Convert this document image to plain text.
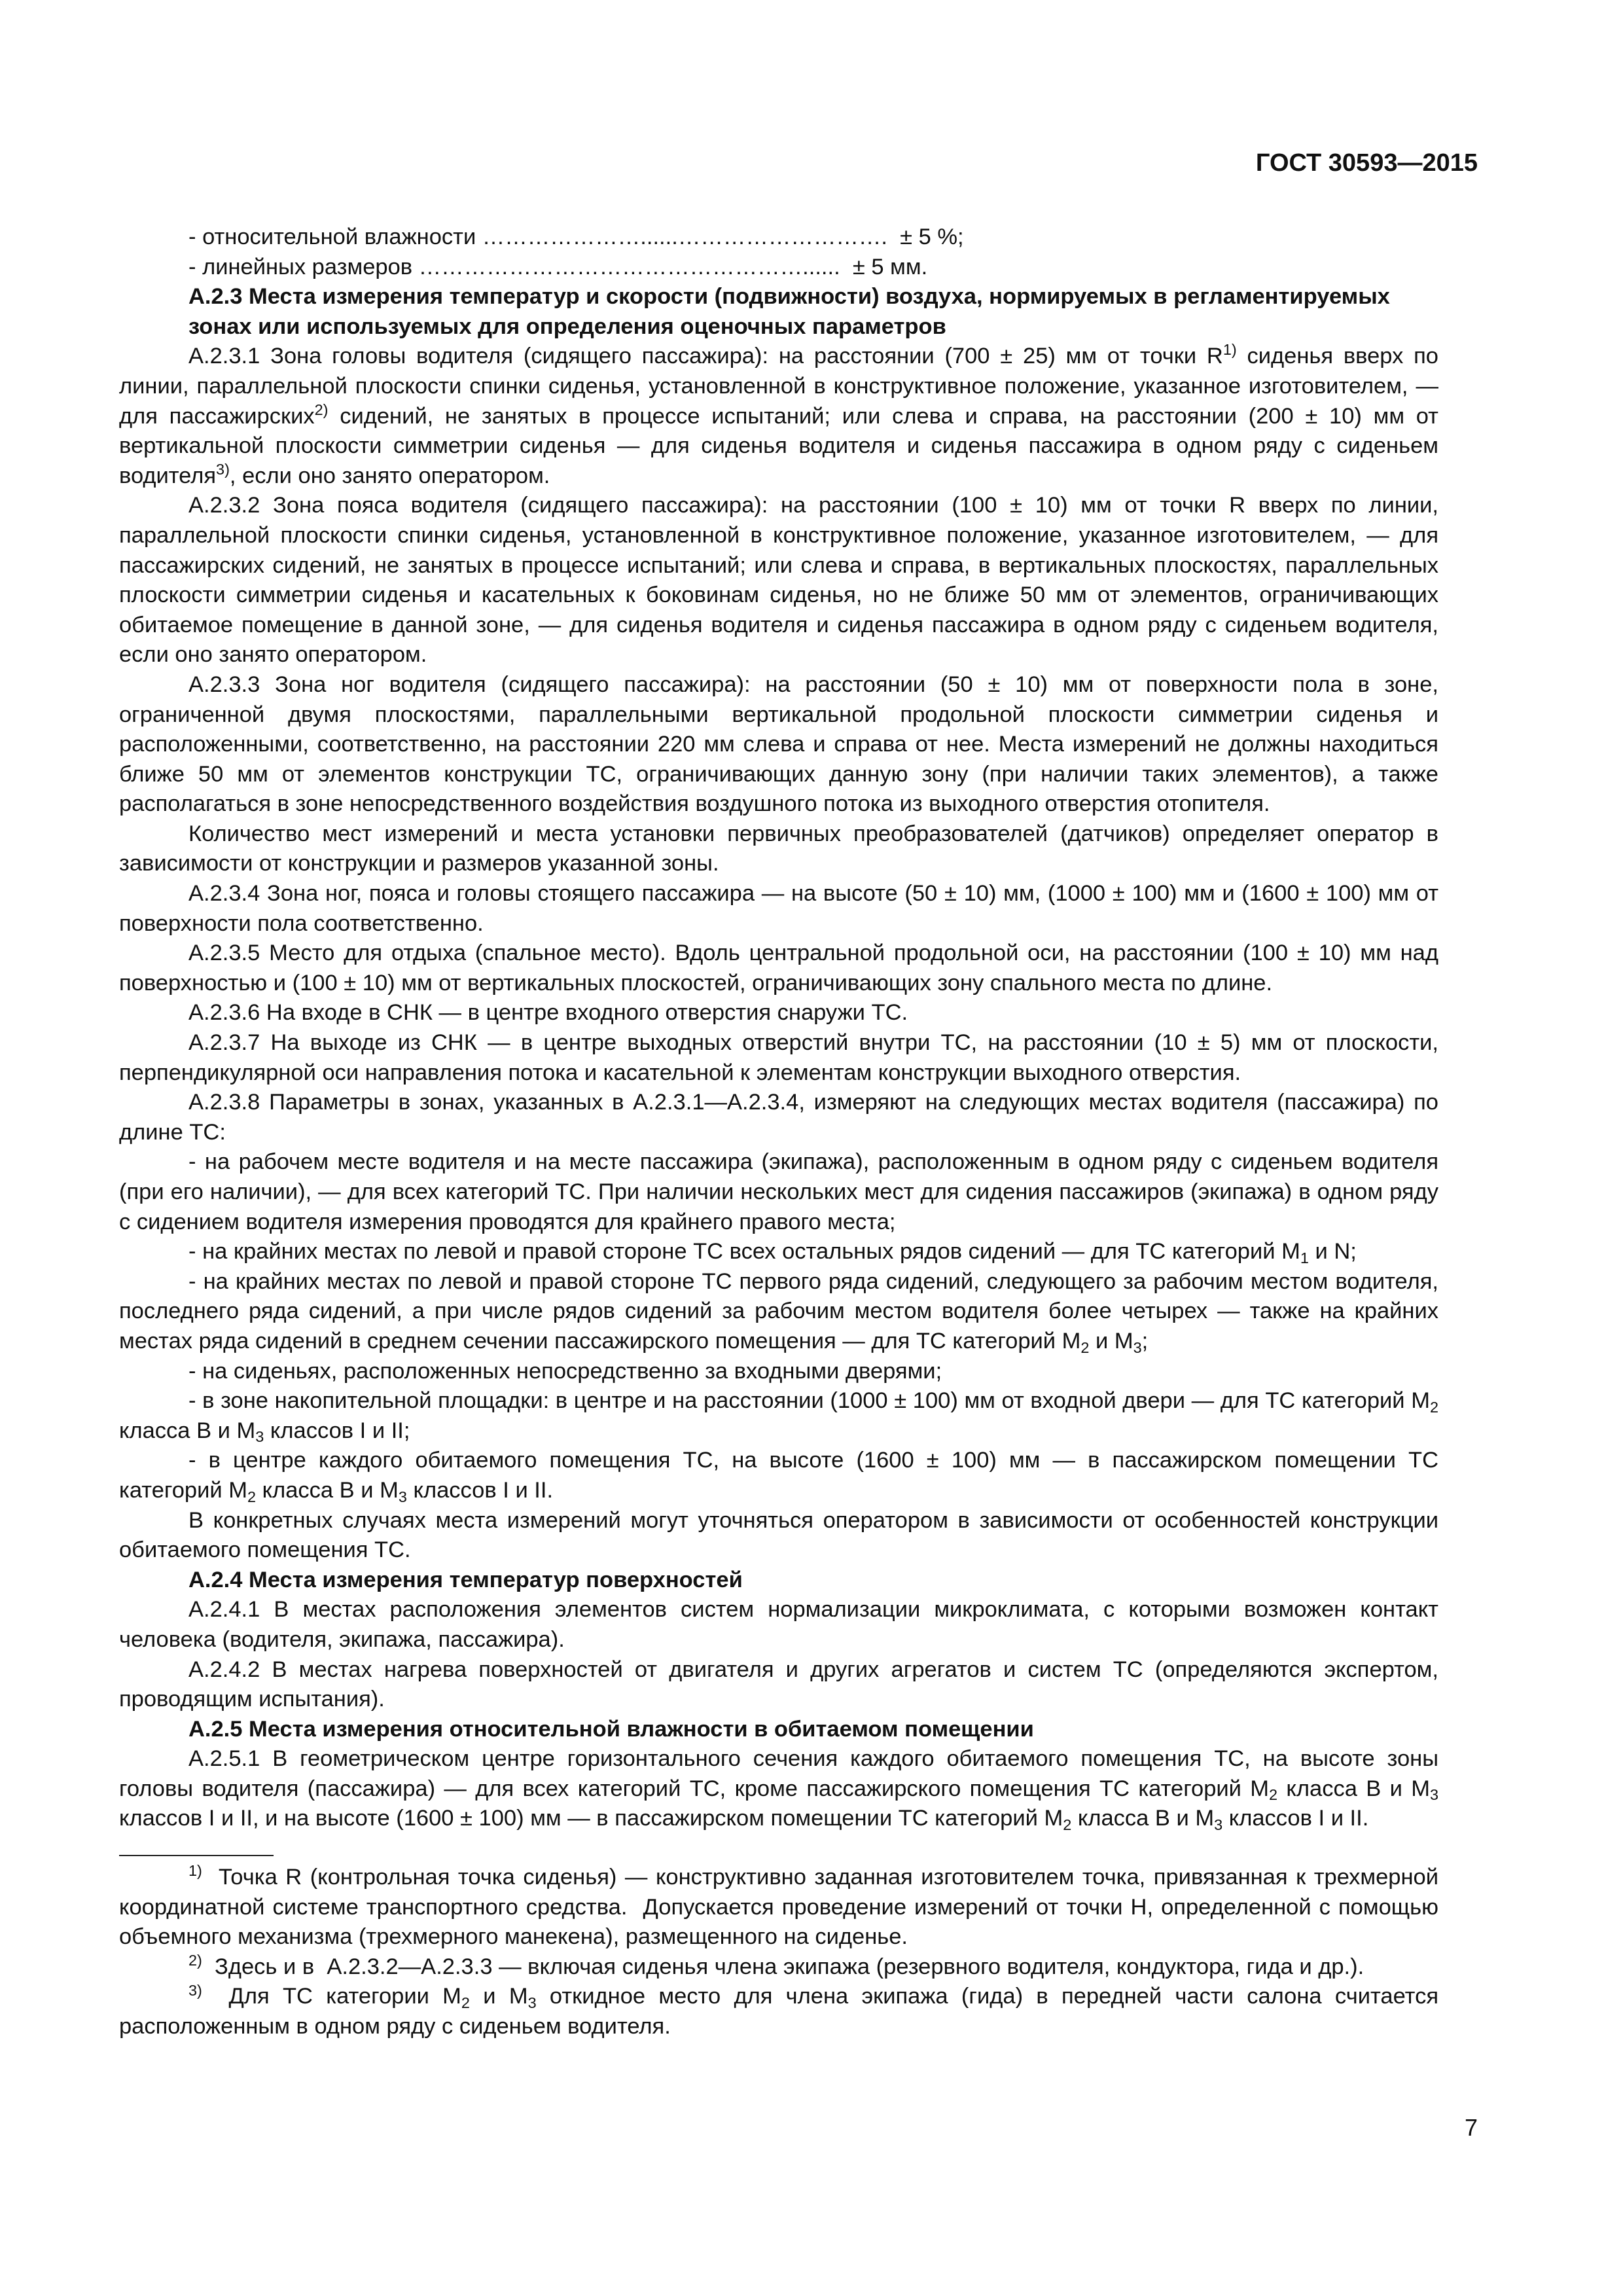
ГОСТ 30593—2015

- относительной влажности …………………......……………………….  ± 5 %;

- линейных размеров ……………………………………………......  ± 5 мм.

А.2.3 Места измерения температур и скорости (подвижности) воздуха, нормируемых в регламентируемых зонах или используемых для определения оценочных параметров

А.2.3.1 Зона головы водителя (сидящего пассажира): на расстоянии (700 ± 25) мм от точки $R^{1)}$ сиденья вверх по линии, параллельной плоскости спинки сиденья, установленной в конструктивное положение, указанное изготовителем, — для пассажирских$^{2)}$ сидений, не занятых в процессе испытаний; или слева и справа, на расстоянии (200 ± 10) мм от вертикальной плоскости симметрии сиденья — для сиденья водителя и сиденья пассажира в одном ряду с сиденьем водителя$^{3)}$, если оно занято оператором.

А.2.3.2 Зона пояса водителя (сидящего пассажира): на расстоянии (100 ± 10) мм от точки R вверх по линии, параллельной плоскости спинки сиденья, установленной в конструктивное положение, указанное изготовителем, — для пассажирских сидений, не занятых в процессе испытаний; или слева и справа, в вертикальных плоскостях, параллельных плоскости симметрии сиденья и касательных к боковинам сиденья, но не ближе 50 мм от элементов, ограничивающих обитаемое помещение в данной зоне, — для сиденья водителя и сиденья пассажира в одном ряду с сиденьем водителя, если оно занято оператором.

А.2.3.3 Зона ног водителя (сидящего пассажира): на расстоянии (50 ± 10) мм от поверхности пола в зоне, ограниченной двумя плоскостями, параллельными вертикальной продольной плоскости симметрии сиденья и расположенными, соответственно, на расстоянии 220 мм слева и справа от нее. Места измерений не должны находиться ближе 50 мм от элементов конструкции ТС, ограничивающих данную зону (при наличии таких элементов), а также располагаться в зоне непосредственного воздействия воздушного потока из выходного отверстия отопителя.

Количество мест измерений и места установки первичных преобразователей (датчиков) определяет оператор в зависимости от конструкции и размеров указанной зоны.

А.2.3.4 Зона ног, пояса и головы стоящего пассажира — на высоте (50 ± 10) мм, (1000 ± 100) мм и (1600 ± 100) мм от поверхности пола соответственно.

А.2.3.5 Место для отдыха (спальное место). Вдоль центральной продольной оси, на расстоянии (100 ± 10) мм над поверхностью и (100 ± 10) мм от вертикальных плоскостей, ограничивающих зону спального места по длине.

А.2.3.6 На входе в СНК — в центре входного отверстия снаружи ТС.

А.2.3.7 На выходе из СНК — в центре выходных отверстий внутри ТС, на расстоянии (10 ± 5) мм от плоскости, перпендикулярной оси направления потока и касательной к элементам конструкции выходного отверстия.

А.2.3.8 Параметры в зонах, указанных в А.2.3.1—А.2.3.4, измеряют на следующих местах водителя (пассажира) по длине ТС:

- на рабочем месте водителя и на месте пассажира (экипажа), расположенным в одном ряду с сиденьем водителя (при его наличии), — для всех категорий ТС. При наличии нескольких мест для сидения пассажиров (экипажа) в одном ряду с сидением водителя измерения проводятся для крайнего правого места;

- на крайних местах по левой и правой стороне ТС всех остальных рядов сидений — для ТС категорий $М_1$ и N;

- на крайних местах по левой и правой стороне ТС первого ряда сидений, следующего за рабочим местом водителя, последнего ряда сидений, а при числе рядов сидений за рабочим местом водителя более четырех — также на крайних местах ряда сидений в среднем сечении пассажирского помещения — для ТС категорий $М_2$ и $М_3$;

- на сиденьях, расположенных непосредственно за входными дверями;

- в зоне накопительной площадки: в центре и на расстоянии (1000 ± 100) мм от входной двери — для ТС категорий $М_2$ класса В и $М_3$ классов I и II;

- в центре каждого обитаемого помещения ТС, на высоте (1600 ± 100) мм — в пассажирском помещении ТС категорий $М_2$ класса В и $М_3$ классов I и II.

В конкретных случаях места измерений могут уточняться оператором в зависимости от особенностей конструкции обитаемого помещения ТС.

А.2.4 Места измерения температур поверхностей

А.2.4.1 В местах расположения элементов систем нормализации микроклимата, с которыми возможен контакт человека (водителя, экипажа, пассажира).

А.2.4.2 В местах нагрева поверхностей от двигателя и других агрегатов и систем ТС (определяются экспертом, проводящим испытания).

А.2.5 Места измерения относительной влажности в обитаемом помещении

А.2.5.1 В геометрическом центре горизонтального сечения каждого обитаемого помещения ТС, на высоте зоны головы водителя (пассажира) — для всех категорий ТС, кроме пассажирского помещения ТС категорий $М_2$ класса В и $М_3$ классов I и II, и на высоте (1600 ± 100) мм — в пассажирском помещении ТС категорий $М_2$ класса В и $М_3$ классов I и II.

$^{1)}$  Точка R (контрольная точка сиденья) — конструктивно заданная изготовителем точка, привязанная к трехмерной координатной системе транспортного средства.  Допускается проведение измерений от точки Н, определенной с помощью объемного механизма (трехмерного манекена), размещенного на сиденье.

$^{2)}$  Здесь и в  А.2.3.2—А.2.3.3 — включая сиденья члена экипажа (резервного водителя, кондуктора, гида и др.).

$^{3)}$  Для ТС категории $М_2$ и $М_3$ откидное место для члена экипажа (гида) в передней части салона считается расположенным в одном ряду с сиденьем водителя.

7
